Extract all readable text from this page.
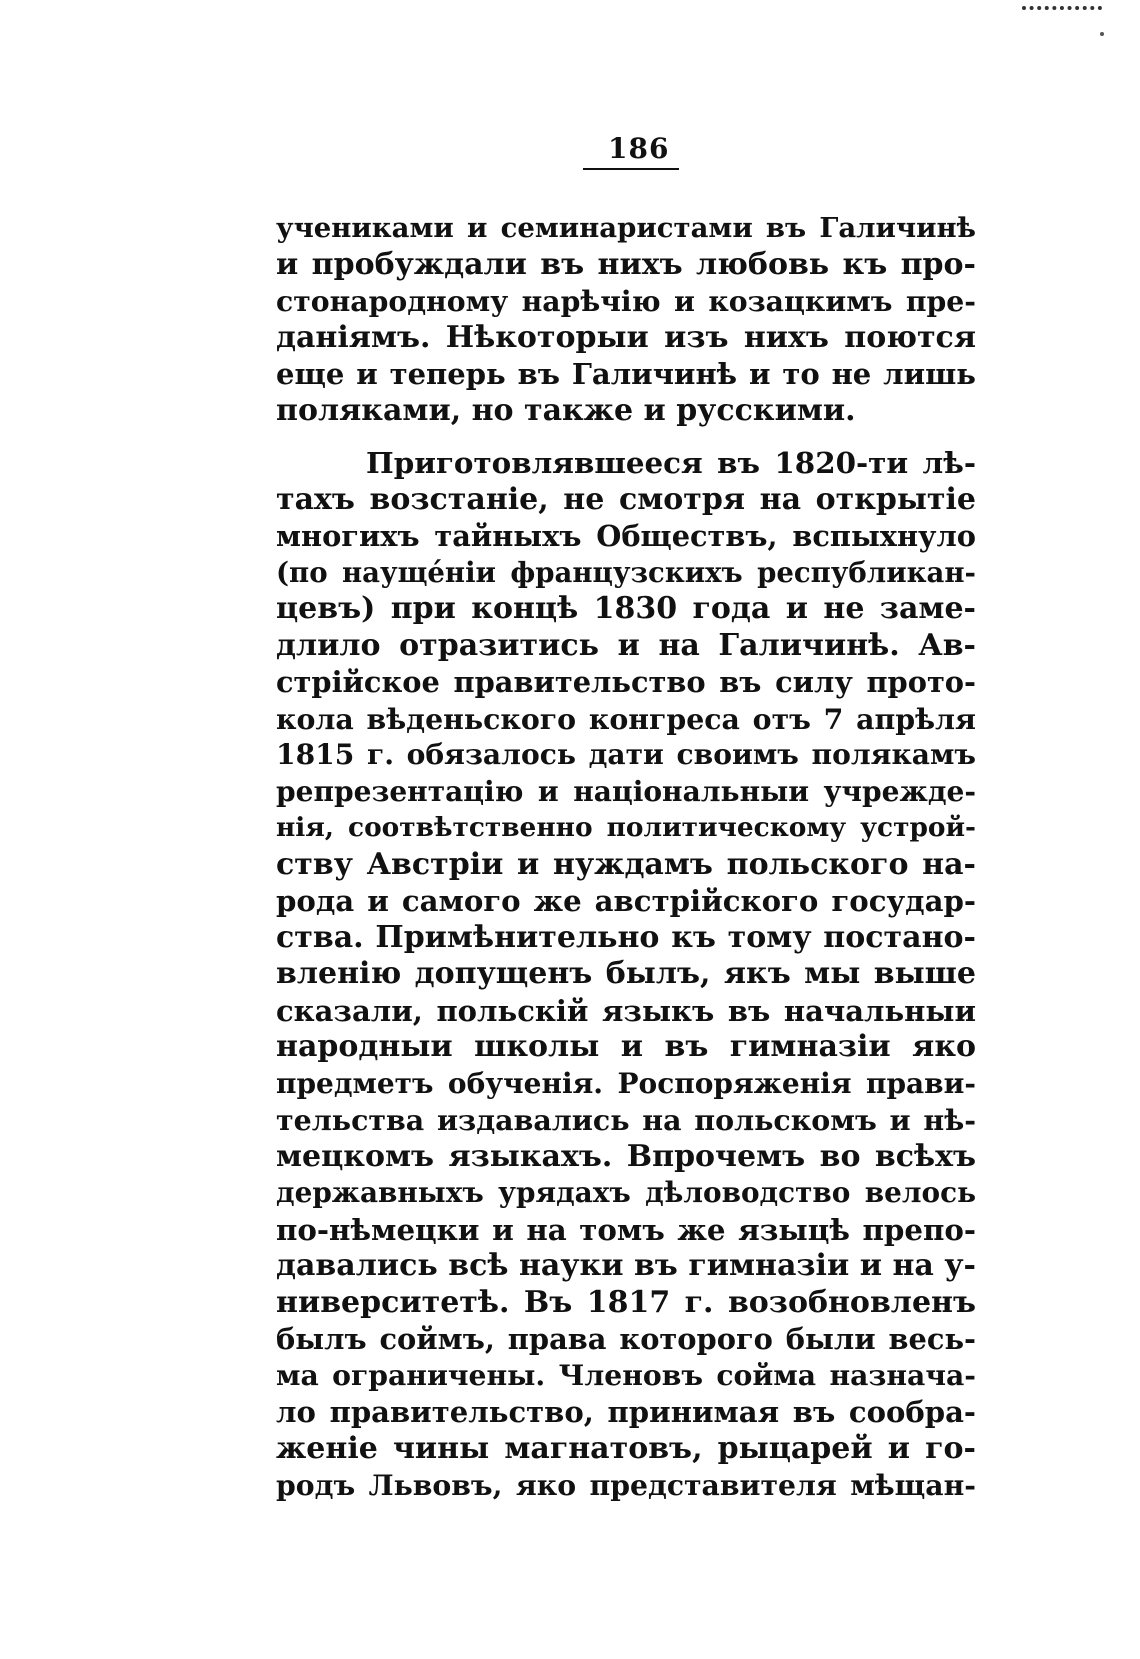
186
учениками и семинаристами въ Галичинѣ
и пробуждали въ нихъ любовь къ про-
стонародному нарѣчію и козацкимъ пре-
даніямъ. Нѣкоторыи изъ нихъ поются
еще и теперь въ Галичинѣ и то не лишь
поляками, но также и русскими.
Приготовлявшееся въ 1820-ти лѣ-
тахъ возстаніе, не смотря на открытіе
многихъ тайныхъ Обществъ, вспыхнуло
(по науще́нiи французскихъ республикан-
цевъ) при концѣ 1830 года и не заме-
длило отразитись и на Галичинѣ. Ав-
стрійское правительство въ силу прото-
кола вѣденьского конгреса отъ 7 апрѣля
1815 г. обязалось дати своимъ полякамъ
репрезентацію и національныи учрежде-
нія, соотвѣтственно политическому устрой-
ству Австріи и нуждамъ польского на-
рода и самого же австрійского государ-
ства. Примѣнительно къ тому постано-
вленію допущенъ былъ, якъ мы выше
сказали, польскій языкъ въ начальныи
народныи школы и въ гимназіи яко
предметъ обученія. Роспоряженія прави-
тельства издавались на польскомъ и нѣ-
мецкомъ языкахъ. Впрочемъ во всѣхъ
державныхъ урядахъ дѣловодство велось
по-нѣмецки и на томъ же языцѣ препо-
давались всѣ науки въ гимназіи и на у-
ниверситетѣ. Въ 1817 г. возобновленъ
былъ соймъ, права которого были весь-
ма ограничены. Членовъ сойма назнача-
ло правительство, принимая въ сообра-
женіе чины магнатовъ, рыцарей и го-
родъ Львовъ, яко представителя мѣщан-
